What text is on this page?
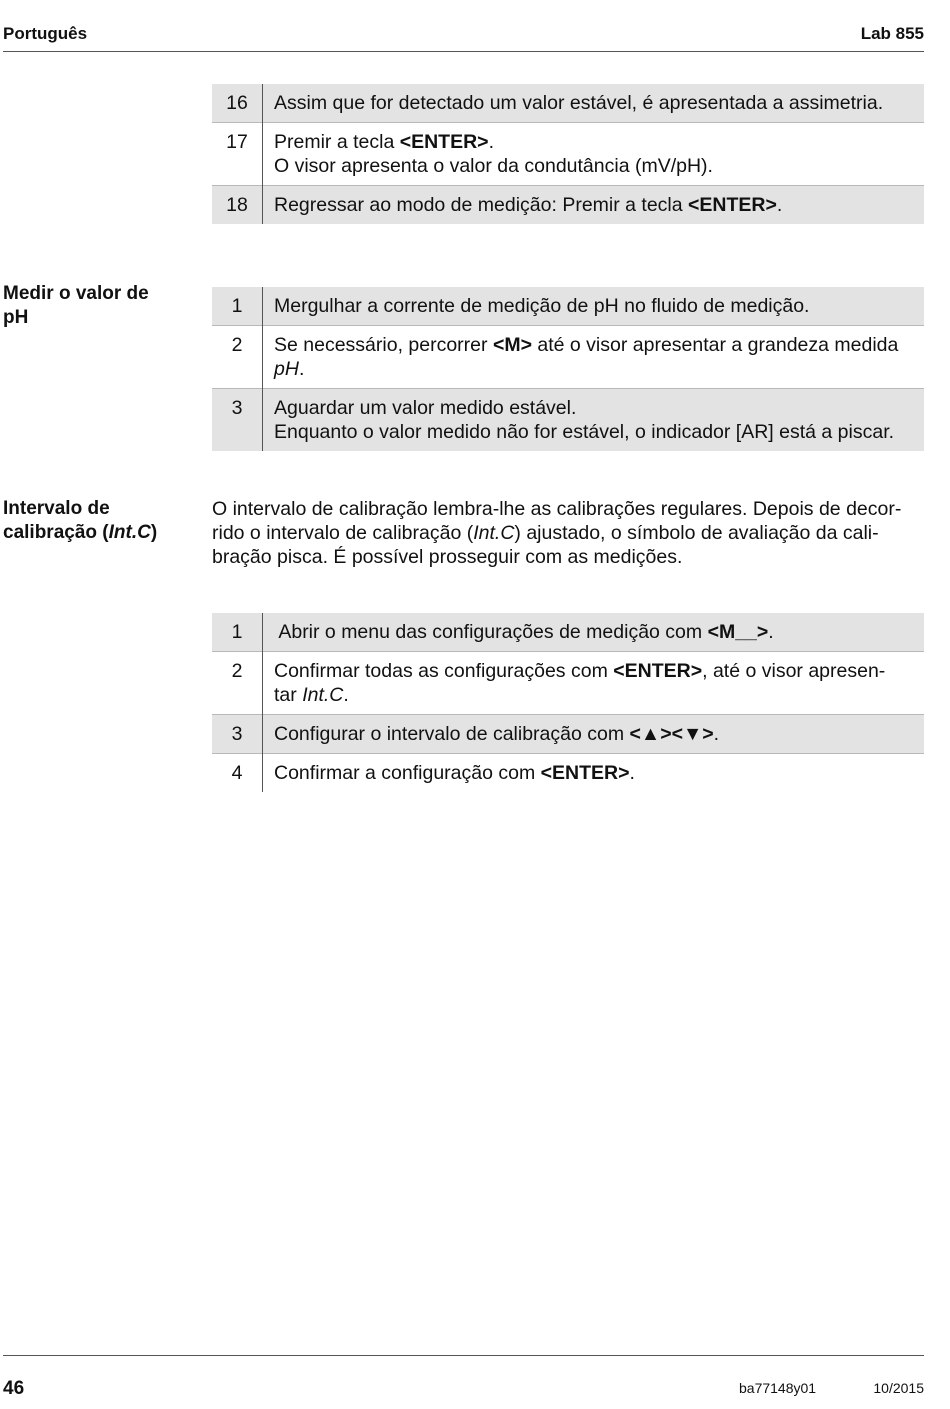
Português	Lab 855
16	Assim que for detectado um valor estável, é apresentada a assimetria.

17	Premir a tecla <ENTER>.
O visor apresenta o valor da condutância (mV/pH).

18	Regressar ao modo de medição: Premir a tecla <ENTER>.
Medir o valor de
pH
1	Mergulhar a corrente de medição de pH no fluido de medição.

2	Se necessário, percorrer <M> até o visor apresentar a grandeza medida
pH.

3	Aguardar um valor medido estável.
Enquanto o valor medido não for estável, o indicador [AR] está a piscar.
Intervalo de
calibração (Int.C)
O intervalo de calibração lembra-lhe as calibrações regulares. Depois de decor-
rido o intervalo de calibração (Int.C) ajustado, o símbolo de avaliação da cali-
bração pisca. É possível prosseguir com as medições.
1	Abrir o menu das configurações de medição com <M__>.

2	Confirmar todas as configurações com <ENTER>, até o visor apresen-
tar Int.C.

3	Configurar o intervalo de calibração com <▲><▼>.

4	Confirmar a configuração com <ENTER>.
46	ba77148y01	10/2015
